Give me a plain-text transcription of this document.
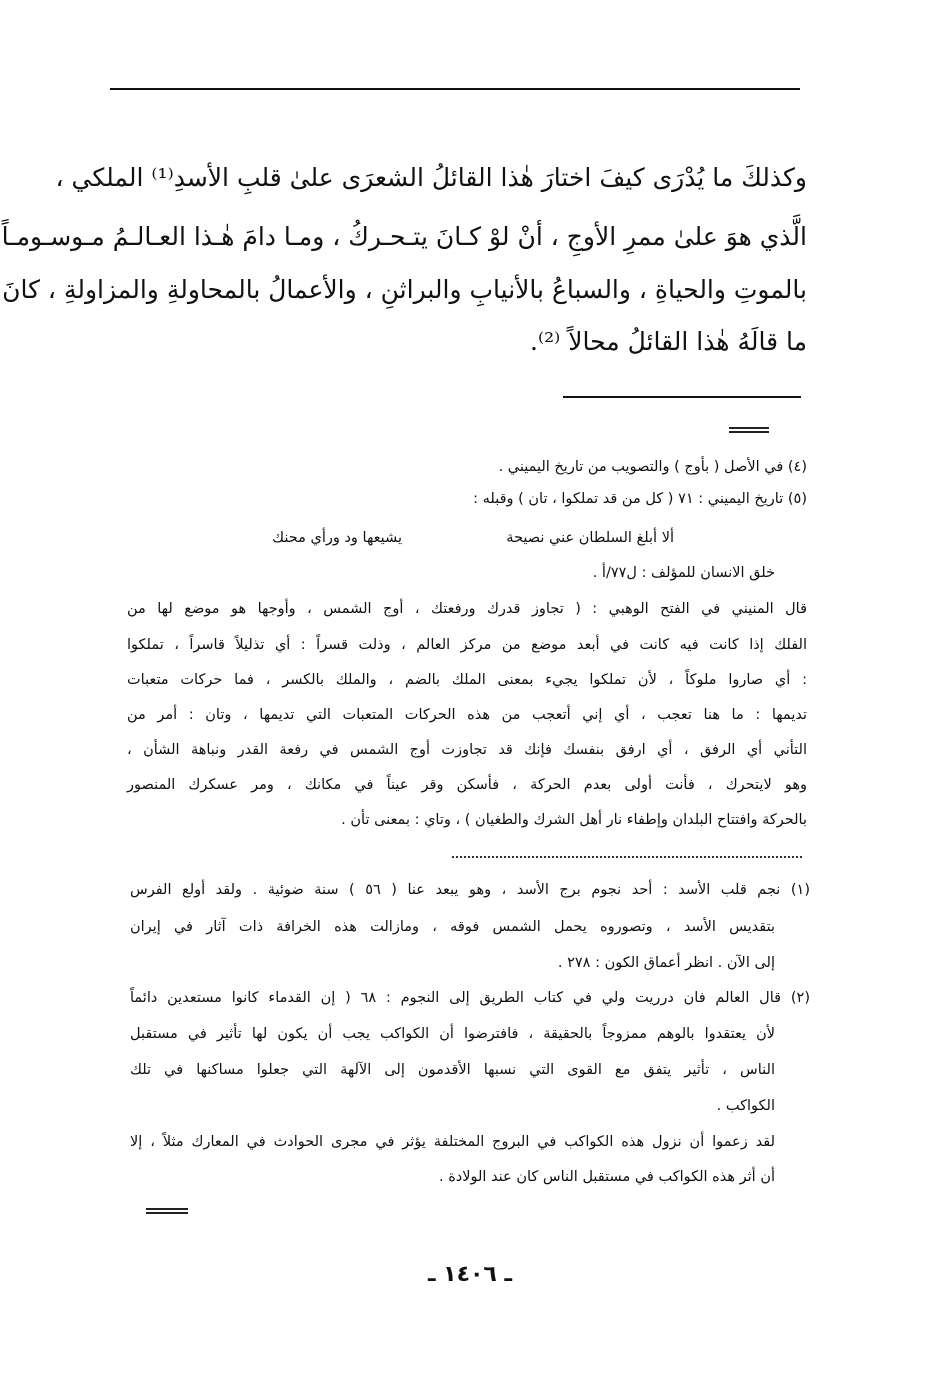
وكذلكَ ما يُدْرَى كيفَ اختارَ هٰذا القائلُ الشعرَى علىٰ قلبِ الأسدِ⁽¹⁾ الملكي ،
الَّذي هوَ علىٰ ممرِ الأوجِ ، أنْ لوْ كـانَ يتـحـركُ ، ومـا دامَ هٰـذا العـالـمُ مـوسـومـاً
بالموتِ والحياةِ ، والسباعُ بالأنيابِ والبراثنِ ، والأعمالُ بالمحاولةِ والمزاولةِ ، كانَ
ما قالَهُ هٰذا القائلُ محالاً ⁽²⁾.
(٤) في الأصل ( بأوج ) والتصويب من تاريخ اليميني .
(٥) تاريخ اليميني : ٧١ ( كل من قد تملكوا ، تان ) وقبله :
ألا أبلغ السلطان عني نصيحة
يشيعها ود ورأي محنك
خلق الانسان للمؤلف : ل٧٧/أ .
قال المنيني في الفتح الوهبي : ( تجاوز قدرك ورفعتك ، أوج الشمس ، وأوجها هو موضع لها من
الفلك إذا كانت فيه كانت في أبعد موضع من مركز العالم ، وذلت قسراً : أي تذليلاً قاسراً ، تملكوا
: أي صاروا ملوكاً ، لأن تملكوا يجيء بمعنى الملك بالضم ، والملك بالكسر ، فما حركات متعبات
تديمها : ما هنا تعجب ، أي إني أتعجب من هذه الحركات المتعبات التي تديمها ، وتان : أمر من
التأني أي الرفق ، أي ارفق بنفسك فإنك قد تجاوزت أوج الشمس في رفعة القدر ونباهة الشأن ،
وهو لايتحرك ، فأنت أولى بعدم الحركة ، فأسكن وقر عيناً في مكانك ، ومر عسكرك المنصور
بالحركة وافتتاح البلدان وإطفاء نار أهل الشرك والطغيان ) ، وتاي : بمعنى تأن .
(١) نجم قلب الأسد : أحد نجوم برج الأسد ، وهو يبعد عنا ( ٥٦ ) سنة ضوئية . ولقد أولع الفرس
بتقديس الأسد ، وتصوروه يحمل الشمس فوقه ، ومازالت هذه الخرافة ذات آثار في إيران
إلى الآن . انظر أعماق الكون : ٢٧٨ .
(٢) قال العالم فان درريت ولي في كتاب الطريق إلى النجوم : ٦٨ ( إن القدماء كانوا مستعدين دائماً
لأن يعتقدوا بالوهم ممزوجاً بالحقيقة ، فافترضوا أن الكواكب يجب أن يكون لها تأثير في مستقبل
الناس ، تأثير يتفق مع القوى التي نسبها الأقدمون إلى الآلهة التي جعلوا مساكنها في تلك
الكواكب .
لقد زعموا أن نزول هذه الكواكب في البروج المختلفة يؤثر في مجرى الحوادث في المعارك مثلاً ، إلا
أن أثر هذه الكواكب في مستقبل الناس كان عند الولادة .
ـ ١٤٠٦ ـ
